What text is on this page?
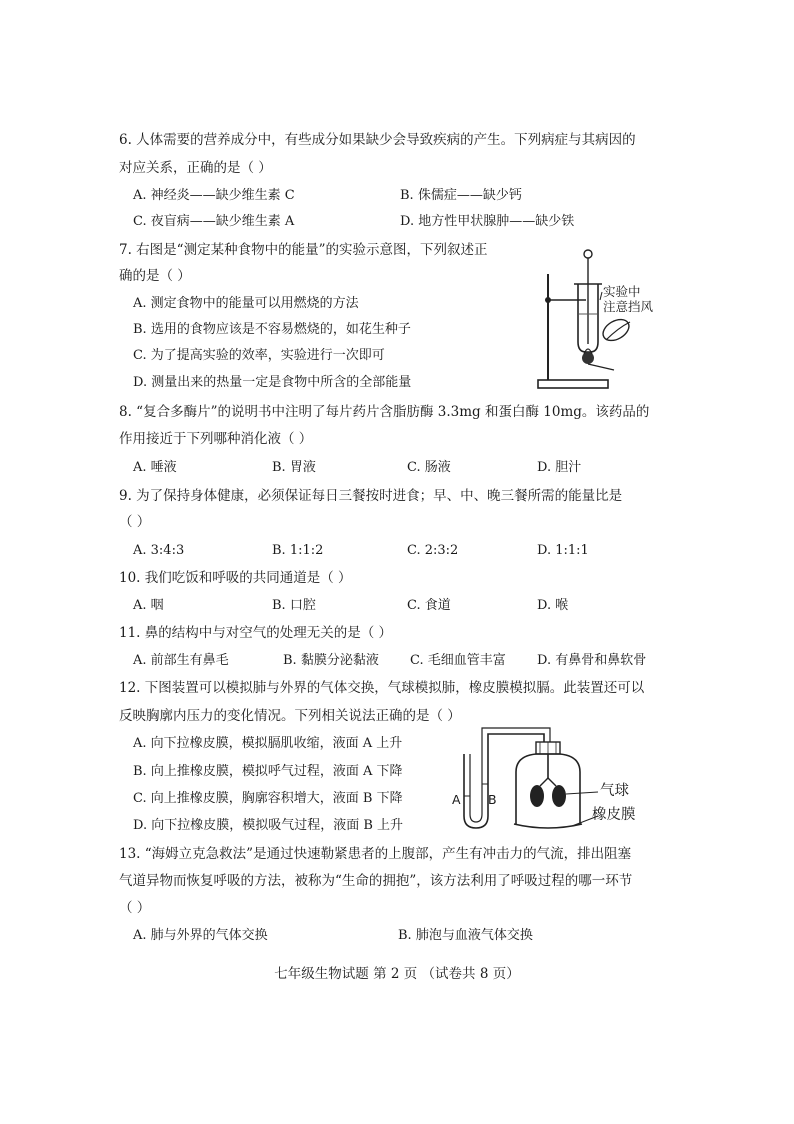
6. 人体需要的营养成分中，有些成分如果缺少会导致疾病的产生。下列病症与其病因的
对应关系，正确的是（ ）
A. 神经炎——缺少维生素 C	B. 侏儒症——缺少钙
C. 夜盲病——缺少维生素 A	D. 地方性甲状腺肿——缺少铁
7. 右图是“测定某种食物中的能量”的实验示意图，下列叙述正
确的是（ ）
A. 测定食物中的能量可以用燃烧的方法
B. 选用的食物应该是不容易燃烧的，如花生种子
C. 为了提高实验的效率，实验进行一次即可
D. 测量出来的热量一定是食物中所含的全部能量
实验中
注意挡风
8. “复合多酶片”的说明书中注明了每片药片含脂肪酶 3.3mg 和蛋白酶 10mg。该药品的
作用接近于下列哪种消化液（ ）
A. 唾液	B. 胃液	C. 肠液	D. 胆汁
9. 为了保持身体健康，必须保证每日三餐按时进食；早、中、晚三餐所需的能量比是
（ ）
A. 3:4:3	B. 1:1:2	C. 2:3:2	D. 1:1:1
10. 我们吃饭和呼吸的共同通道是（ ）
A. 咽	B. 口腔	C. 食道	D. 喉
11. 鼻的结构中与对空气的处理无关的是（ ）
A. 前部生有鼻毛	B. 黏膜分泌黏液 C. 毛细血管丰富 D. 有鼻骨和鼻软骨
12. 下图装置可以模拟肺与外界的气体交换，气球模拟肺，橡皮膜模拟膈。此装置还可以
反映胸廓内压力的变化情况。下列相关说法正确的是（ ）
A. 向下拉橡皮膜，模拟膈肌收缩，液面 A 上升
B. 向上推橡皮膜，模拟呼气过程，液面 A 下降
C. 向上推橡皮膜，胸廓容积增大，液面 B 下降
D. 向下拉橡皮膜，模拟吸气过程，液面 B 上升
A B
气球
橡皮膜
13. “海姆立克急救法”是通过快速勒紧患者的上腹部，产生有冲击力的气流，排出阻塞
气道异物而恢复呼吸的方法，被称为“生命的拥抱”，该方法利用了呼吸过程的哪一环节
（ ）
A. 肺与外界的气体交换	B. 肺泡与血液气体交换
七年级生物试题 第 2 页 （试卷共 8 页）
